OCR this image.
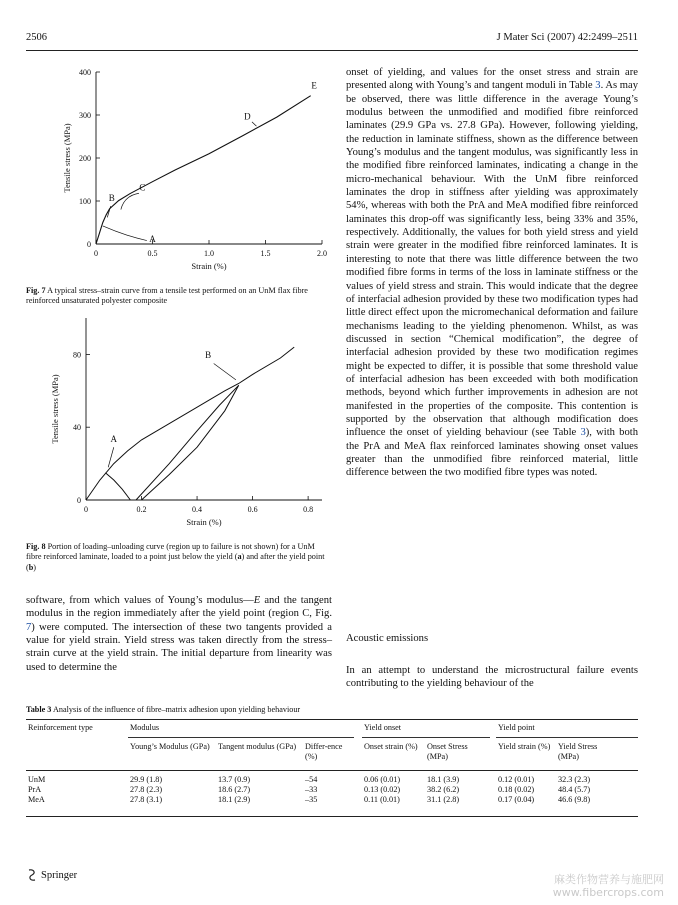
2506	J Mater Sci (2007) 42:2499–2511
0	0.5	1.0	1.5	2.0
0
100
200
300
400
Strain (%)
Tensile stress (MPa)
A
B
C
D
E
Fig. 7 A typical stress–strain curve from a tensile test performed on an UnM flax fibre reinforced unsaturated polyester composite
0	0.2	0.4	0.6	0.8
0
40
80
Strain (%)
Tensile stress (MPa)	A
B
Fig. 8 Portion of loading–unloading curve (region up to failure is not shown) for a UnM fibre reinforced laminate, loaded to a point just below the yield (a) and after the yield point (b)

software, from which values of Young’s modulus—E and the tangent modulus in the region immediately after the yield point (region C, Fig. 7) were computed. The intersection of these two tangents provided a value for yield strain. Yield stress was taken directly from the stress–strain curve at the yield strain. The initial departure from linearity was used to determine the

onset of yielding, and values for the onset stress and strain are presented along with Young’s and tangent moduli in Table 3. As may be observed, there was little difference in the average Young’s modulus between the unmodified and modified fibre reinforced laminates (29.9 GPa vs. 27.8 GPa). However, following yielding, the reduction in laminate stiffness, shown as the difference between Young’s modulus and the tangent modulus, was significantly less in the modified fibre reinforced laminates, indicating a change in the micro-mechanical behaviour. With the UnM fibre reinforced laminates the drop in stiffness after yielding was approximately 54%, whereas with both the PrA and MeA modified fibre reinforced laminates this drop-off was significantly less, being 33% and 35%, respectively. Additionally, the values for both yield stress and yield strain were greater in the modified fibre reinforced laminates. It is interesting to note that there was little difference between the two modified fibre forms in terms of the loss in laminate stiffness or the values of yield stress and strain. This would indicate that the degree of interfacial adhesion provided by these two modification types had little direct effect upon the micromechanical deformation and failure mechanisms leading to the yielding phenomenon. Whilst, as was discussed in section “Chemical modification”, the degree of interfacial adhesion provided by these two modification regimes might be expected to differ, it is possible that some threshold value of interfacial adhesion has been exceeded with both modification methods, beyond which further improvements in adhesion are not manifested in the properties of the composite. This contention is supported by the observation that although modification does influence the onset of yielding behaviour (see Table 3), with both the PrA and MeA flax reinforced laminates showing onset values greater than the unmodified fibre reinforced material, little difference between the two modified fibre types was noted.

Acoustic emissions
In an attempt to understand the microstructural failure events contributing to the yielding behaviour of the
Table 3 Analysis of the influence of fibre–matrix adhesion upon yielding behaviour
Reinforcement type	Modulus	Yield onset	Yield point
Young’s Modulus (GPa)	Tangent modulus (GPa)	Differ-ence (%)
Onset strain (%)	Onset Stress (MPa)
Yield strain (%) Yield Stress (MPa)
UnM	29.9 (1.8)	13.7 (0.9)	–54	0.06 (0.01)	18.1 (3.9)	0.12 (0.01)	32.3 (2.3)
PrA	27.8 (2.3)	18.6 (2.7)	–33	0.13 (0.02)	38.2 (6.2)	0.18 (0.02)	48.4 (5.7)
MeA	27.8 (3.1)	18.1 (2.9)	–35	0.11 (0.01)	31.1 (2.8)	0.17 (0.04)	46.6 (9.8)
Springer	麻类作物营养与施肥网
www.fibercrops.com
